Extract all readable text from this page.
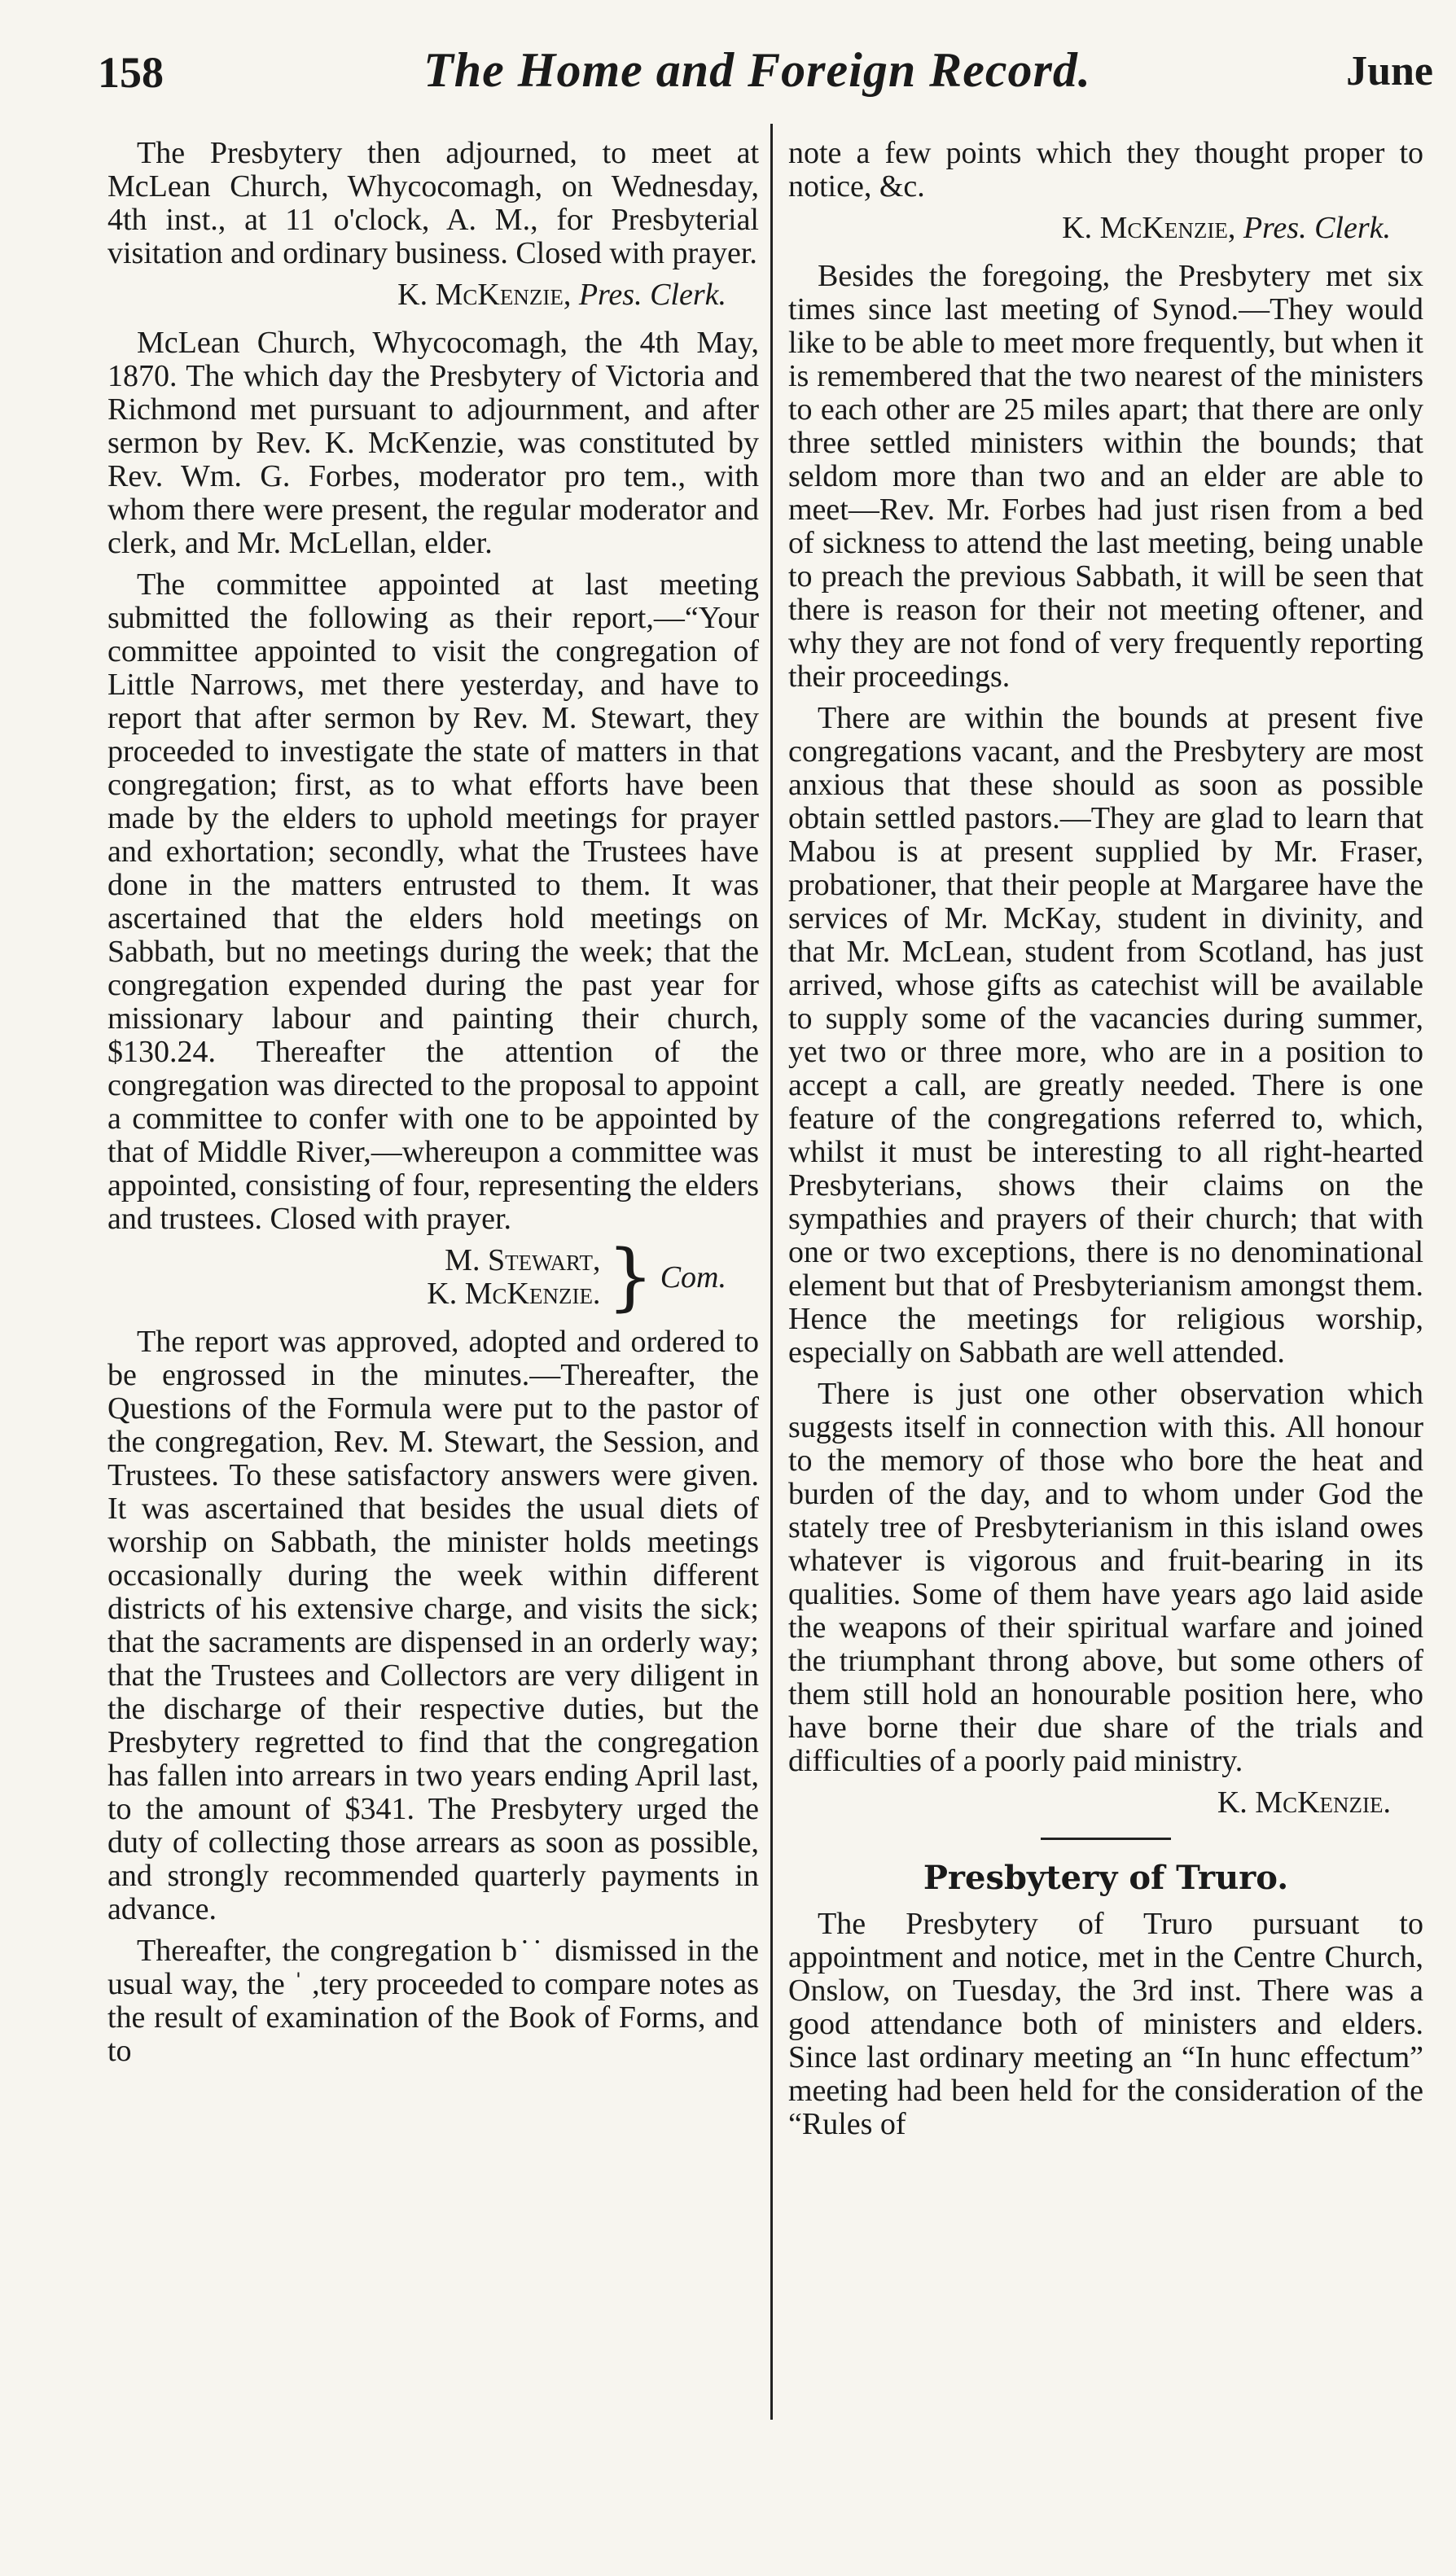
158	The Home and Foreign Record.	June

The Presbytery then adjourned, to meet at McLean Church, Whycocomagh, on Wednesday, 4th inst., at 11 o'clock, A. M., for Presbyterial visitation and ordinary business. Closed with prayer.

K. McKenzie, Pres. Clerk.

McLean Church, Whycocomagh, the 4th May, 1870. The which day the Presbytery of Victoria and Richmond met pursuant to adjournment, and after sermon by Rev. K. McKenzie, was constituted by Rev. Wm. G. Forbes, moderator pro tem., with whom there were present, the regular moderator and clerk, and Mr. McLellan, elder.

The committee appointed at last meeting submitted the following as their report,—“Your committee appointed to visit the congregation of Little Narrows, met there yesterday, and have to report that after sermon by Rev. M. Stewart, they proceeded to investigate the state of matters in that congregation; first, as to what efforts have been made by the elders to uphold meetings for prayer and exhortation; secondly, what the Trustees have done in the matters entrusted to them. It was ascertained that the elders hold meetings on Sabbath, but no meetings during the week; that the congregation expended during the past year for missionary labour and painting their church, $130.24. Thereafter the attention of the congregation was directed to the proposal to appoint a committee to confer with one to be appointed by that of Middle River,—whereupon a committee was appointed, consisting of four, representing the elders and trustees. Closed with prayer.

M. Stewart,
K. McKenzie. } Com.

The report was approved, adopted and ordered to be engrossed in the minutes.—Thereafter, the Questions of the Formula were put to the pastor of the congregation, Rev. M. Stewart, the Session, and Trustees. To these satisfactory answers were given. It was ascertained that besides the usual diets of worship on Sabbath, the minister holds meetings occasionally during the week within different districts of his extensive charge, and visits the sick; that the sacraments are dispensed in an orderly way; that the Trustees and Collectors are very diligent in the discharge of their respective duties, but the Presbytery regretted to find that the congregation has fallen into arrears in two years ending April last, to the amount of $341. The Presbytery urged the duty of collecting those arrears as soon as possible, and strongly recommended quarterly payments in advance.

Thereafter, the congregation b˙˙ dismissed in the usual way, the ˈ ,tery proceeded to compare notes as the result of examination of the Book of Forms, and to

note a few points which they thought proper to notice, &c.

K. McKenzie, Pres. Clerk.

Besides the foregoing, the Presbytery met six times since last meeting of Synod.—They would like to be able to meet more frequently, but when it is remembered that the two nearest of the ministers to each other are 25 miles apart; that there are only three settled ministers within the bounds; that seldom more than two and an elder are able to meet—Rev. Mr. Forbes had just risen from a bed of sickness to attend the last meeting, being unable to preach the previous Sabbath, it will be seen that there is reason for their not meeting oftener, and why they are not fond of very frequently reporting their proceedings.

There are within the bounds at present five congregations vacant, and the Presbytery are most anxious that these should as soon as possible obtain settled pastors.—They are glad to learn that Mabou is at present supplied by Mr. Fraser, probationer, that their people at Margaree have the services of Mr. McKay, student in divinity, and that Mr. McLean, student from Scotland, has just arrived, whose gifts as catechist will be available to supply some of the vacancies during summer, yet two or three more, who are in a position to accept a call, are greatly needed. There is one feature of the congregations referred to, which, whilst it must be interesting to all right-hearted Presbyterians, shows their claims on the sympathies and prayers of their church; that with one or two exceptions, there is no denominational element but that of Presbyterianism amongst them. Hence the meetings for religious worship, especially on Sabbath are well attended.

There is just one other observation which suggests itself in connection with this. All honour to the memory of those who bore the heat and burden of the day, and to whom under God the stately tree of Presbyterianism in this island owes whatever is vigorous and fruit-bearing in its qualities. Some of them have years ago laid aside the weapons of their spiritual warfare and joined the triumphant throng above, but some others of them still hold an honourable position here, who have borne their due share of the trials and difficulties of a poorly paid ministry.

K. McKenzie.
Presbytery of Truro.

The Presbytery of Truro pursuant to appointment and notice, met in the Centre Church, Onslow, on Tuesday, the 3rd inst. There was a good attendance both of ministers and elders. Since last ordinary meeting an “In hunc effectum” meeting had been held for the consideration of the “Rules of
